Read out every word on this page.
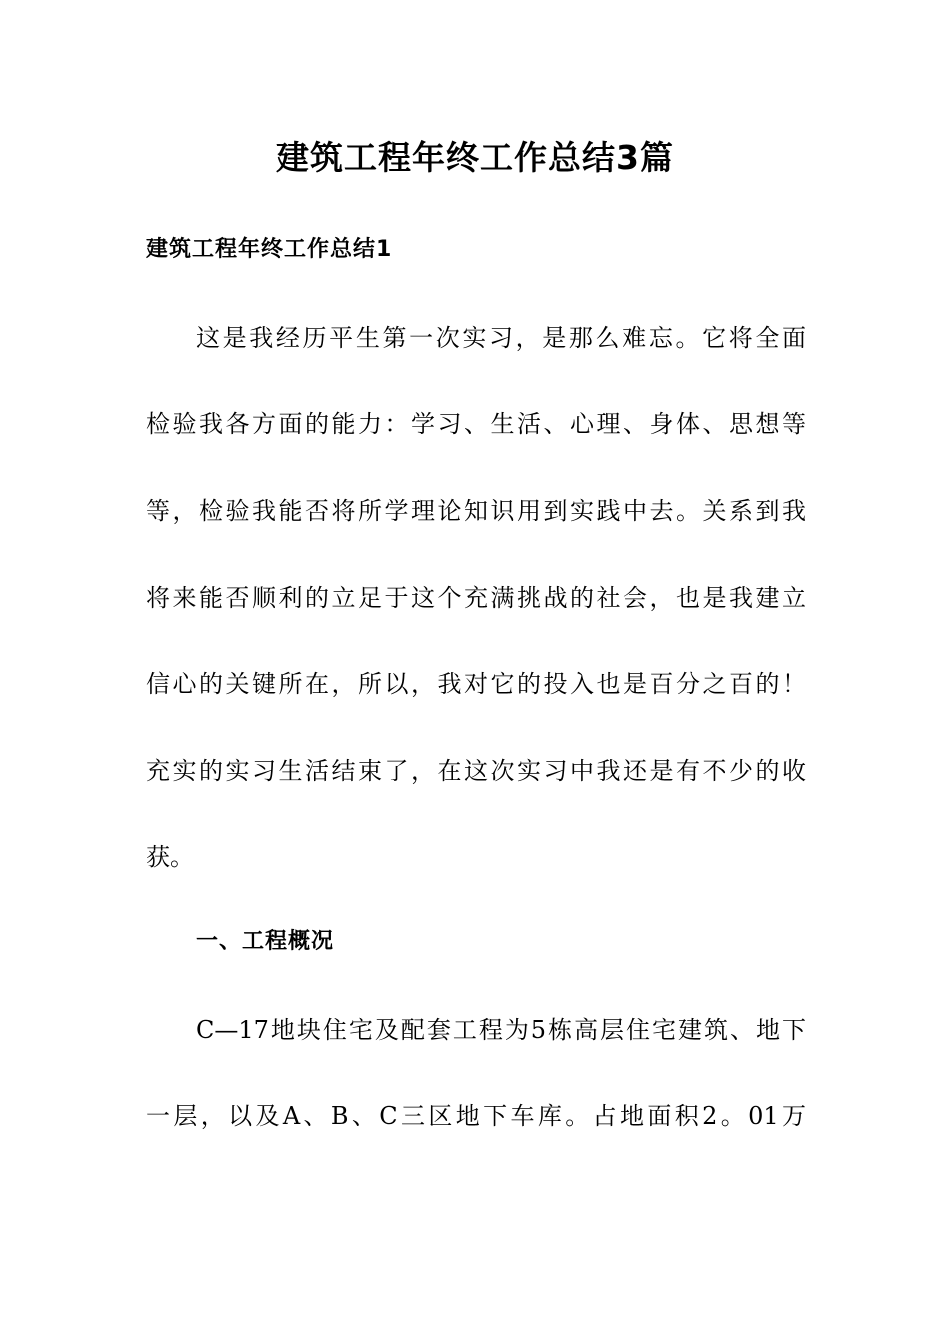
建筑工程年终工作总结3篇
建筑工程年终工作总结1
这是我经历平生第一次实习，是那么难忘。它将全面
检验我各方面的能力：学习、生活、心理、身体、思想等
等，检验我能否将所学理论知识用到实践中去。关系到我
将来能否顺利的立足于这个充满挑战的社会，也是我建立
信心的关键所在，所以，我对它的投入也是百分之百的！
充实的实习生活结束了，在这次实习中我还是有不少的收
获。
一、工程概况
C—17地块住宅及配套工程为5栋高层住宅建筑、地下
一层，以及A、B、C三区地下车库。占地面积2。01万
